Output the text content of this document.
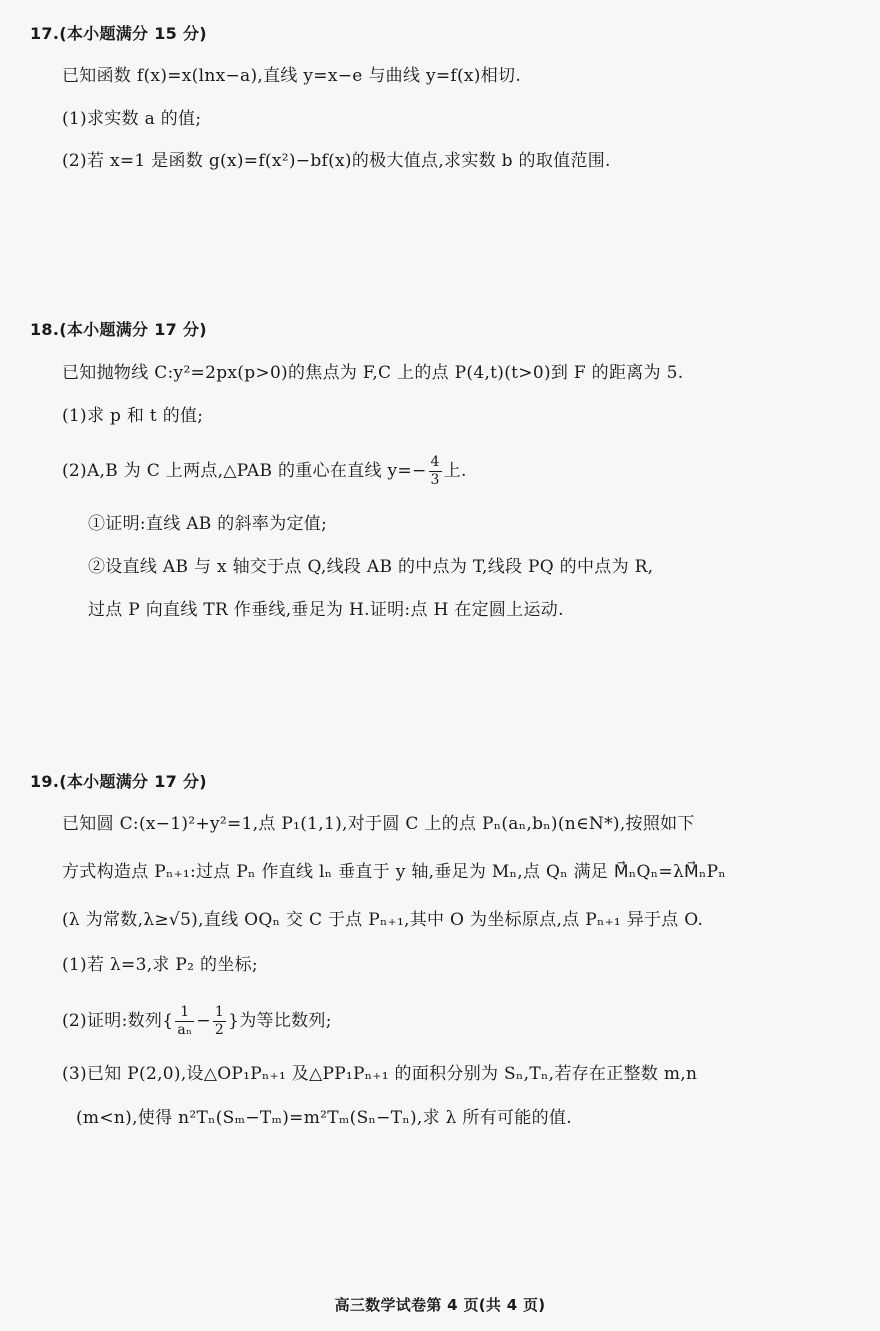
17.(本小题满分 15 分)
已知函数 f(x)=x(lnx−a),直线 y=x−e 与曲线 y=f(x)相切.
(1)求实数 a 的值;
(2)若 x=1 是函数 g(x)=f(x²)−bf(x)的极大值点,求实数 b 的取值范围.
18.(本小题满分 17 分)
已知抛物线 C:y²=2px(p>0)的焦点为 F,C 上的点 P(4,t)(t>0)到 F 的距离为 5.
(1)求 p 和 t 的值;
(2)A,B 为 C 上两点,△PAB 的重心在直线 $y=- \frac{4}{3}$ 上.
①证明:直线 AB 的斜率为定值;
②设直线 AB 与 x 轴交于点 Q,线段 AB 的中点为 T,线段 PQ 的中点为 R,
过点 P 向直线 TR 作垂线,垂足为 H.证明:点 H 在定圆上运动.
19.(本小题满分 17 分)
已知圆 C:(x−1)²+y²=1,点 P₁(1,1),对于圆 C 上的点 Pₙ(aₙ,bₙ)(n∈N*),按照如下
方式构造点 Pₙ₊₁:过点 Pₙ 作直线 lₙ 垂直于 y 轴,垂足为 Mₙ,点 Qₙ 满足 M⃗ₙQₙ=λM⃗ₙPₙ
(λ 为常数,λ≥√5),直线 OQₙ 交 C 于点 Pₙ₊₁,其中 O 为坐标原点,点 Pₙ₊₁ 异于点 O.
(1)若 λ=3,求 P₂ 的坐标;
(2)证明:数列{ $\frac{1}{\text{aₙ}} - \frac{1}{2}$ }为等比数列;
(3)已知 P(2,0),设△OP₁Pₙ₊₁ 及△PP₁Pₙ₊₁ 的面积分别为 Sₙ,Tₙ,若存在正整数 m,n
(m<n),使得 n²Tₙ(Sₘ−Tₘ)=m²Tₘ(Sₙ−Tₙ),求 λ 所有可能的值.
高三数学试卷第 4 页(共 4 页)
